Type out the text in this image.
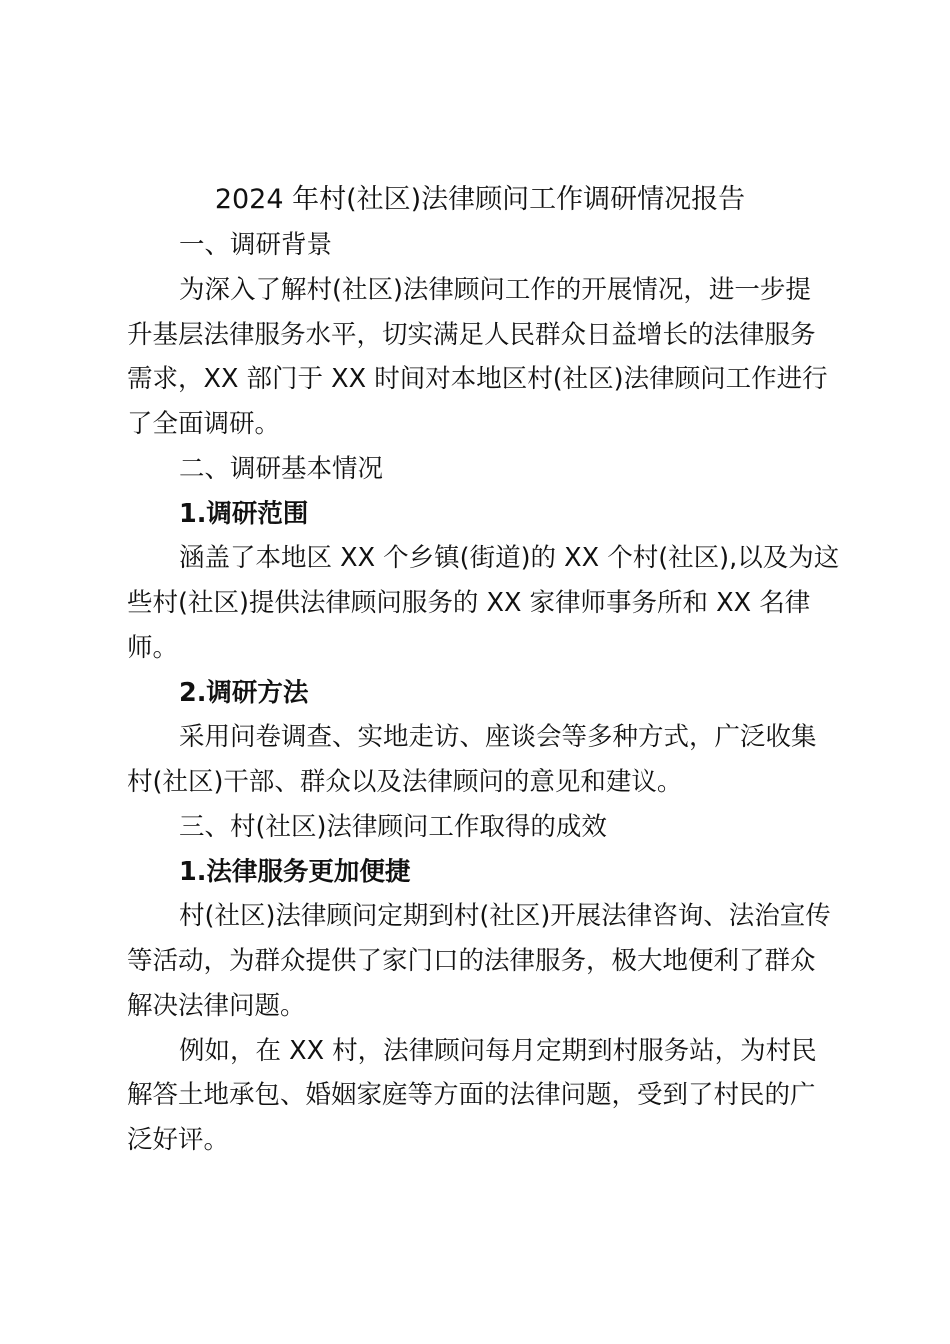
2024 年村(社区)法律顾问工作调研情况报告
一、调研背景
为深入了解村(社区)法律顾问工作的开展情况，进一步提
升基层法律服务水平，切实满足人民群众日益增长的法律服务
需求，XX 部门于 XX 时间对本地区村(社区)法律顾问工作进行
了全面调研。
二、调研基本情况
1.调研范围
涵盖了本地区 XX 个乡镇(街道)的 XX 个村(社区),以及为这
些村(社区)提供法律顾问服务的 XX 家律师事务所和 XX 名律
师。
2.调研方法
采用问卷调查、实地走访、座谈会等多种方式，广泛收集
村(社区)干部、群众以及法律顾问的意见和建议。
三、村(社区)法律顾问工作取得的成效
1.法律服务更加便捷
村(社区)法律顾问定期到村(社区)开展法律咨询、法治宣传
等活动，为群众提供了家门口的法律服务，极大地便利了群众
解决法律问题。
例如，在 XX 村，法律顾问每月定期到村服务站，为村民
解答土地承包、婚姻家庭等方面的法律问题，受到了村民的广
泛好评。
